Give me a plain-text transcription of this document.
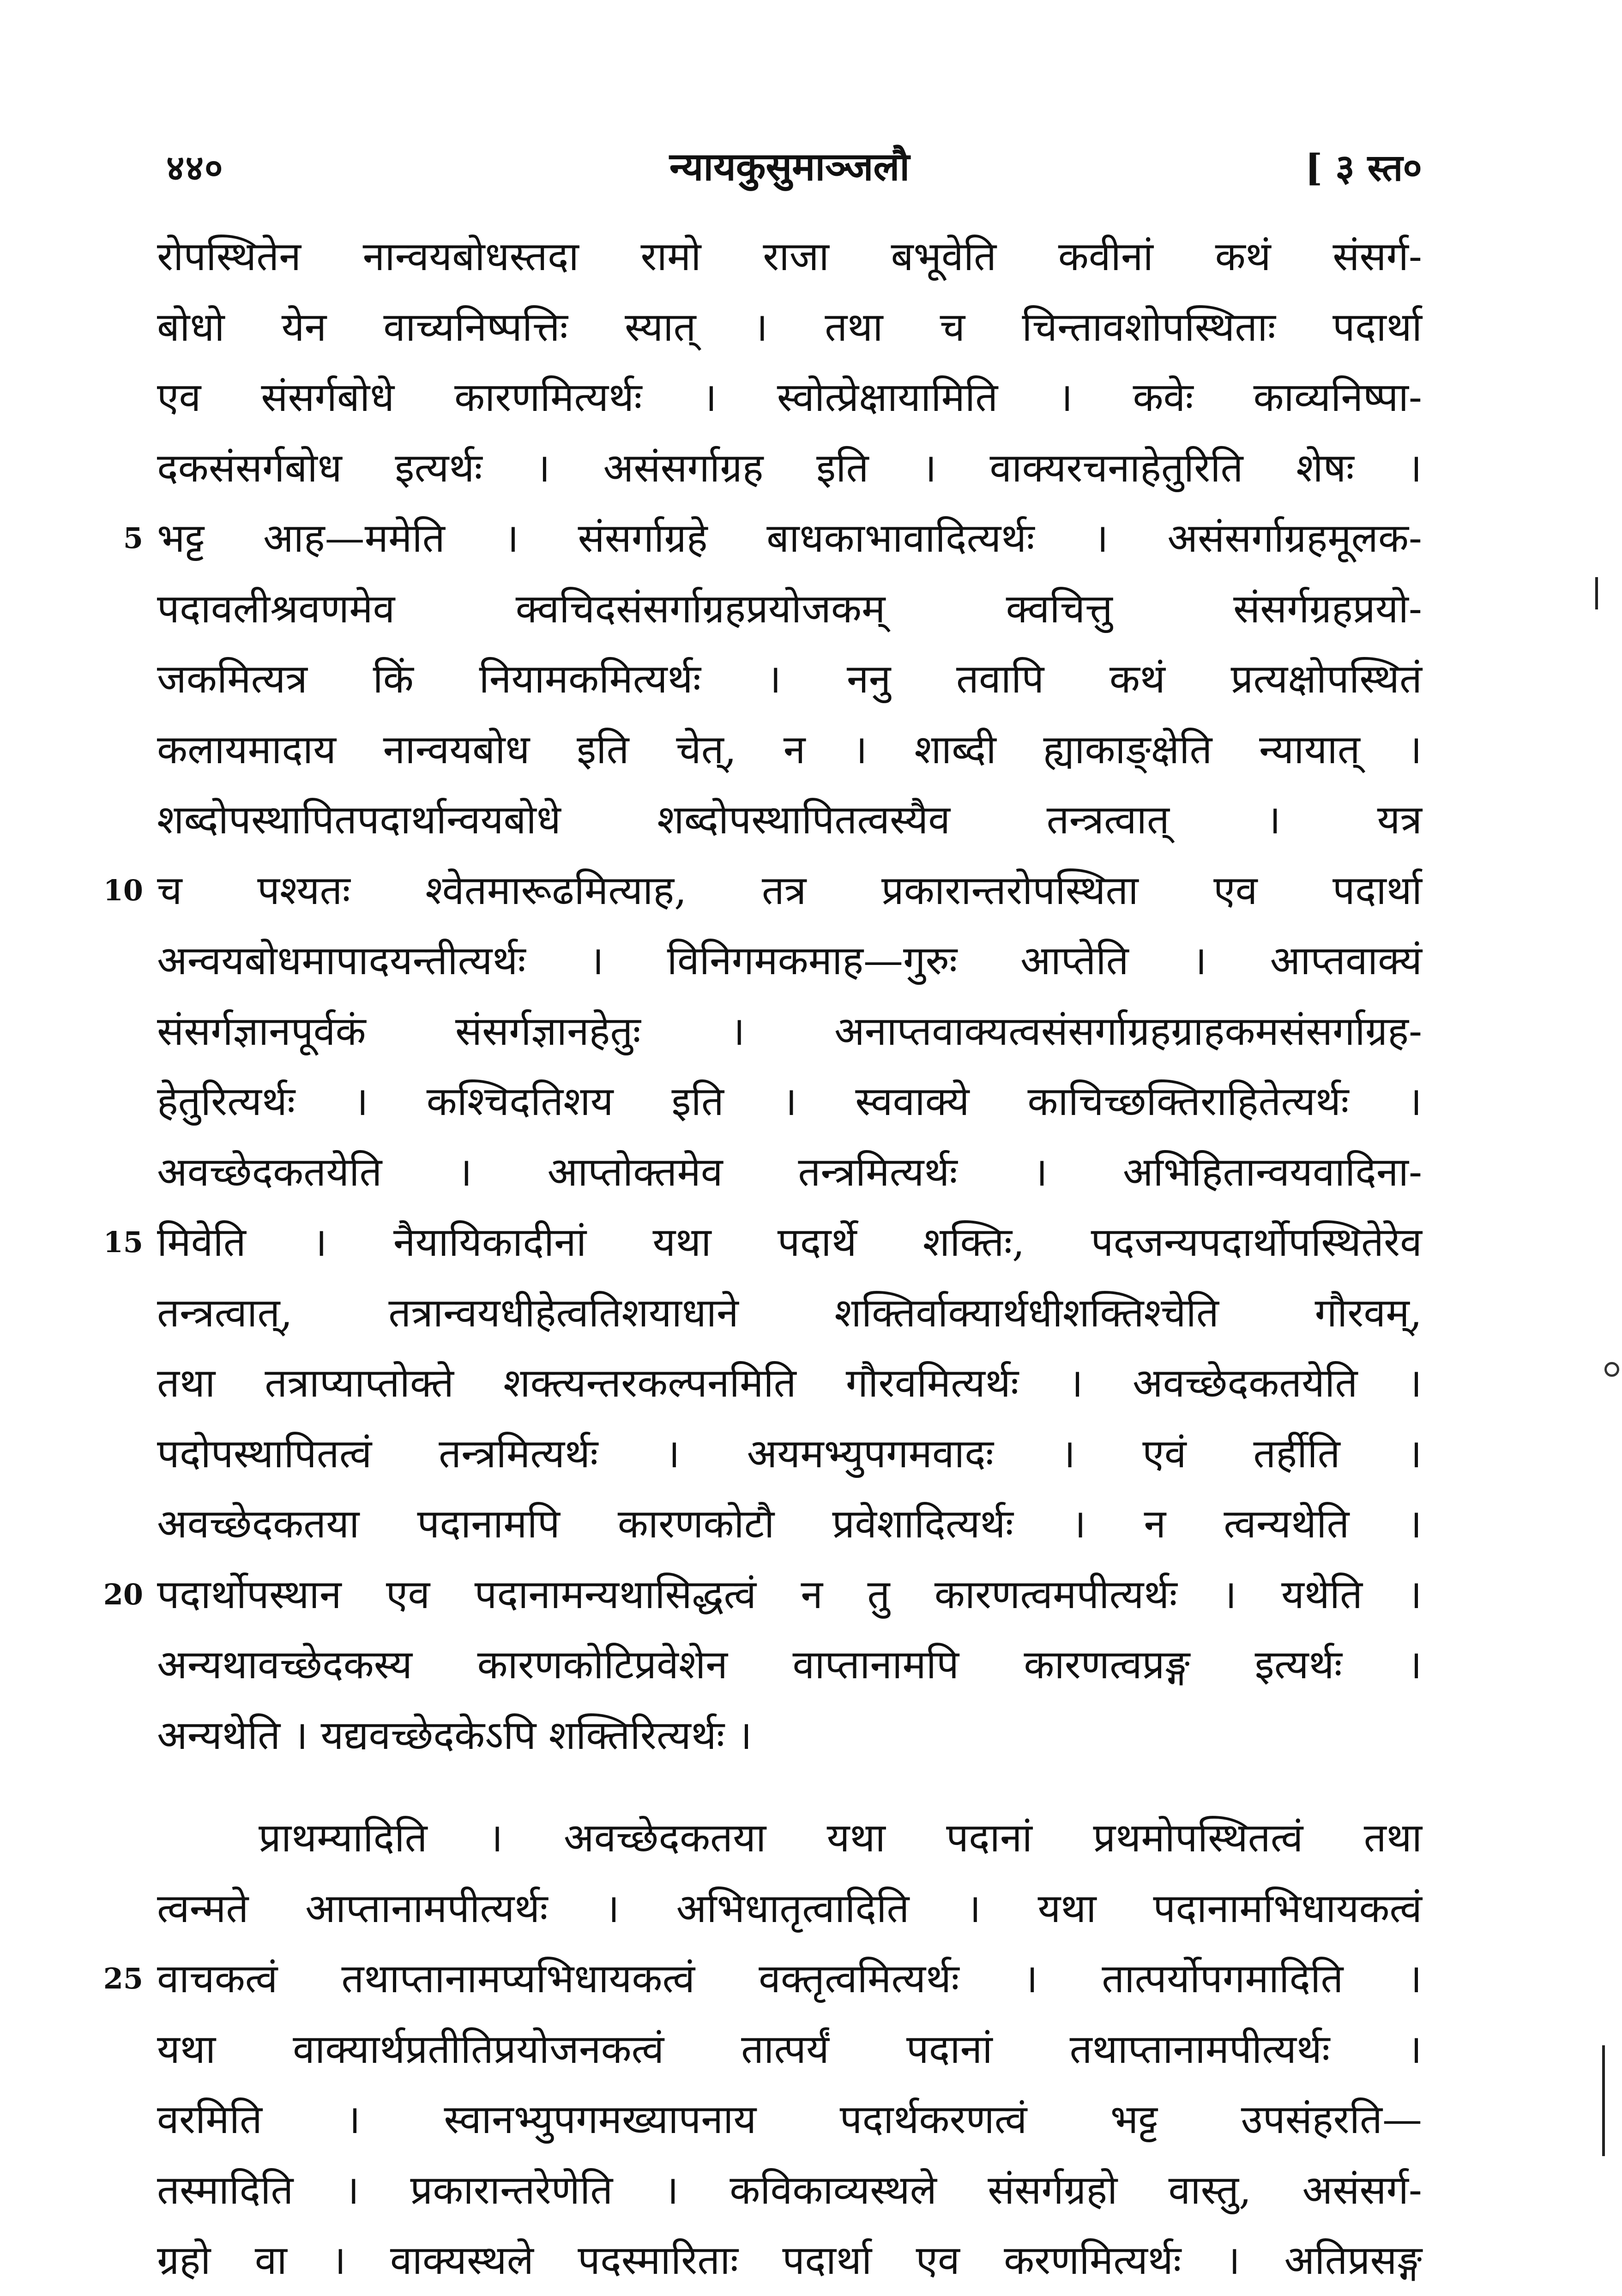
४४०	न्यायकुसुमाञ्जलौ	[ ३ स्त०
रोपस्थितेन नान्वयबोधस्तदा रामो राजा बभूवेति कवीनां कथं संसर्ग-
बोधो येन वाच्यनिष्पत्तिः स्यात् । तथा च चिन्तावशोपस्थिताः पदार्था
एव संसर्गबोधे कारणमित्यर्थः । स्वोत्प्रेक्षायामिति । कवेः काव्यनिष्पा-
दकसंसर्गबोध इत्यर्थः । असंसर्गाग्रह इति । वाक्यरचनाहेतुरिति शेषः ।
5 भट्ट आह—ममेति । संसर्गाग्रहे बाधकाभावादित्यर्थः । असंसर्गाग्रहमूलक-
पदावलीश्रवणमेव क्वचिदसंसर्गाग्रहप्रयोजकम् क्वचित्तु संसर्गग्रहप्रयो-
जकमित्यत्र किं नियामकमित्यर्थः । ननु तवापि कथं प्रत्यक्षोपस्थितं
कलायमादाय नान्वयबोध इति चेत्, न । शाब्दी ह्याकाङ्क्षेति न्यायात् ।
शब्दोपस्थापितपदार्थान्वयबोधे शब्दोपस्थापितत्वस्यैव तन्त्रत्वात् । यत्र
10 च पश्यतः श्वेतमारूढमित्याह, तत्र प्रकारान्तरोपस्थिता एव पदार्था
अन्वयबोधमापादयन्तीत्यर्थः । विनिगमकमाह—गुरुः आप्तेति । आप्तवाक्यं
संसर्गज्ञानपूर्वकं संसर्गज्ञानहेतुः । अनाप्तवाक्यत्वसंसर्गाग्रहग्राहकमसंसर्गाग्रह-
हेतुरित्यर्थः । कश्चिदतिशय इति । स्ववाक्ये काचिच्छक्तिराहितेत्यर्थः ।
अवच्छेदकतयेति । आप्तोक्तमेव तन्त्रमित्यर्थः । अभिहितान्वयवादिना-
15 मिवेति । नैयायिकादीनां यथा पदार्थे शक्तिः, पदजन्यपदार्थोपस्थितेरेव
तन्त्रत्वात्, तत्रान्वयधीहेत्वतिशयाधाने शक्तिर्वाक्यार्थधीशक्तिश्चेति गौरवम्,
तथा तत्राप्याप्तोक्ते शक्त्यन्तरकल्पनमिति गौरवमित्यर्थः । अवच्छेदकतयेति ।
पदोपस्थापितत्वं तन्त्रमित्यर्थः । अयमभ्युपगमवादः । एवं तर्हीति ।
अवच्छेदकतया पदानामपि कारणकोटौ प्रवेशादित्यर्थः । न त्वन्यथेति ।
20 पदार्थोपस्थान एव पदानामन्यथासिद्धत्वं न तु कारणत्वमपीत्यर्थः । यथेति ।
अन्यथावच्छेदकस्य कारणकोटिप्रवेशेन वाप्तानामपि कारणत्वप्रङ्ग इत्यर्थः ।
अन्यथेति । यद्यवच्छेदकेऽपि शक्तिरित्यर्थः ।
प्राथम्यादिति । अवच्छेदकतया यथा पदानां प्रथमोपस्थितत्वं तथा
त्वन्मते आप्तानामपीत्यर्थः । अभिधातृत्वादिति । यथा पदानामभिधायकत्वं
25 वाचकत्वं तथाप्तानामप्यभिधायकत्वं वक्तृत्वमित्यर्थः । तात्पर्योपगमादिति ।
यथा वाक्यार्थप्रतीतिप्रयोजनकत्वं तात्पर्यं पदानां तथाप्तानामपीत्यर्थः ।
वरमिति । स्वानभ्युपगमख्यापनाय पदार्थकरणत्वं भट्ट उपसंहरति—
तस्मादिति । प्रकारान्तरेणेति । कविकाव्यस्थले संसर्गग्रहो वास्तु, असंसर्ग-
ग्रहो वा । वाक्यस्थले पदस्मारिताः पदार्था एव करणमित्यर्थः । अतिप्रसङ्ग
